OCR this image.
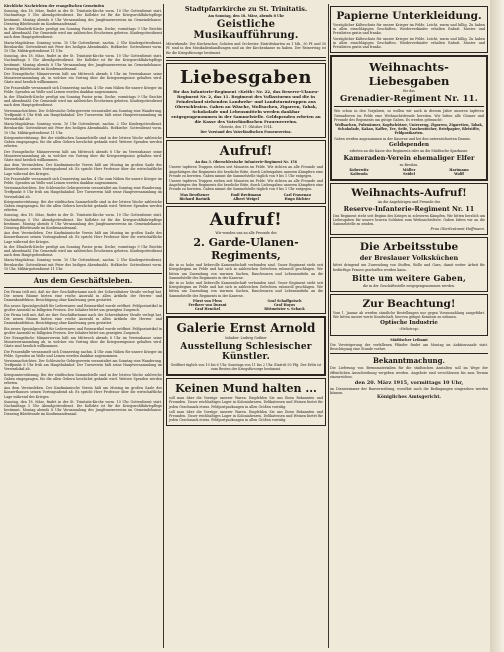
Kirchliche Nachrichten der evangelischen Gemeinden

Sonntag, den 18. März, findet in der St. Trinitatis-Kirche vorm. 10 Uhr Gottesdienst statt. Nachmittags 5 Uhr Abendgottesdienst. Die Kollekte ist für die Kriegswohlfahrtspflege bestimmt. Montag abends 8 Uhr Versammlung des Jungfrauenvereins im Gemeindehause. Dienstag Bibelstunde im Konfirmandensaal.

In der Elisabeth-Kirche predigt am Sonntag Pastor prim. Decke; vormittags 9 Uhr Beichte und Abendmahl. Die Gemeinde wird um zahlreiches Erscheinen gebeten. Kindergottesdienst nach dem Hauptgottesdienst.

Maria-Magdalena: Sonntag vorm. 10 Uhr Gottesdienst, nachm. 2 Uhr Kindergottesdienst. Bernhardin: Gottesdienst mit Feier des heiligen Abendmahls. Hofkirche: Gottesdienst vorm. 10 Uhr, Militärgottesdienst 11 Uhr.

Sonntag, den 18. März, findet in der St. Trinitatis-Kirche vorm. 10 Uhr Gottesdienst statt. Nachmittags 5 Uhr Abendgottesdienst. Die Kollekte ist für die Kriegswohlfahrtspflege bestimmt. Montag abends 8 Uhr Versammlung des Jungfrauenvereins im Gemeindehause. Dienstag Bibelstunde im Konfirmandensaal.

Der Evangelische Männerverein hält am Mittwoch abends 8 Uhr im Vereinshause seine Monatsversammlung ab, in welcher ein Vortrag über die Kriegsereignisse gehalten wird. Gäste sind herzlich willkommen.

Die Frauenhilfe versammelt sich Donnerstag nachm. 4 Uhr zum Nähen für unsere Krieger im Felde. Spenden an Wolle und Leinen werden dankbar angenommen.

In der Elisabeth-Kirche predigt am Sonntag Pastor prim. Decke; vormittags 9 Uhr Beichte und Abendmahl. Die Gemeinde wird um zahlreiches Erscheinen gebeten. Kindergottesdienst nach dem Hauptgottesdienst.

Vereinsnachrichten. Der Schlesische Gebirgsverein veranstaltet am Sonntag eine Wanderung. Treffpunkt 8 Uhr früh am Hauptbahnhof. Der Turnverein hält seine Hauptversammlung im Vereinslokal ab.

Maria-Magdalena: Sonntag vorm. 10 Uhr Gottesdienst, nachm. 2 Uhr Kindergottesdienst. Bernhardin: Gottesdienst mit Feier des heiligen Abendmahls. Hofkirche: Gottesdienst vorm. 10 Uhr, Militärgottesdienst 11 Uhr.

Kriegsunterstützung. Bei der städtischen Sammelstelle sind in der letzten Woche zahlreiche Gaben eingegangen, für die allen Gebern herzlichst gedankt wird. Weitere Spenden werden erbeten.

Der Evangelische Männerverein hält am Mittwoch abends 8 Uhr im Vereinshause seine Monatsversammlung ab, in welcher ein Vortrag über die Kriegsereignisse gehalten wird. Gäste sind herzlich willkommen.

Aus dem Vereinsleben. Der Kaufmännische Verein hält am Montag im großen Saale des Konzerthauses seinen Vortragsabend ab. Es spricht Herr Professor über die wirtschaftliche Lage während des Krieges.

Die Frauenhilfe versammelt sich Donnerstag nachm. 4 Uhr zum Nähen für unsere Krieger im Felde. Spenden an Wolle und Leinen werden dankbar angenommen.

Vereinsnachrichten. Der Schlesische Gebirgsverein veranstaltet am Sonntag eine Wanderung. Treffpunkt 8 Uhr früh am Hauptbahnhof. Der Turnverein hält seine Hauptversammlung im Vereinslokal ab.

Kriegsunterstützung. Bei der städtischen Sammelstelle sind in der letzten Woche zahlreiche Gaben eingegangen, für die allen Gebern herzlichst gedankt wird. Weitere Spenden werden erbeten.

Sonntag, den 18. März, findet in der St. Trinitatis-Kirche vorm. 10 Uhr Gottesdienst statt. Nachmittags 5 Uhr Abendgottesdienst. Die Kollekte ist für die Kriegswohlfahrtspflege bestimmt. Montag abends 8 Uhr Versammlung des Jungfrauenvereins im Gemeindehause. Dienstag Bibelstunde im Konfirmandensaal.

Aus dem Vereinsleben. Der Kaufmännische Verein hält am Montag im großen Saale des Konzerthauses seinen Vortragsabend ab. Es spricht Herr Professor über die wirtschaftliche Lage während des Krieges.

In der Elisabeth-Kirche predigt am Sonntag Pastor prim. Decke; vormittags 9 Uhr Beichte und Abendmahl. Die Gemeinde wird um zahlreiches Erscheinen gebeten. Kindergottesdienst nach dem Hauptgottesdienst.

Maria-Magdalena: Sonntag vorm. 10 Uhr Gottesdienst, nachm. 2 Uhr Kindergottesdienst. Bernhardin: Gottesdienst mit Feier des heiligen Abendmahls. Hofkirche: Gottesdienst vorm. 10 Uhr, Militärgottesdienst 11 Uhr.

Aus dem Geschäftsleben.

Die Firma teilt mit, daß sie ihre Geschäftsräume nach der Schweidnitzer Straße verlegt hat. Die neuen Räume bieten eine reiche Auswahl in allen Artikeln der Herren- und Damenkonfektion. Besichtigung ohne Kaufzwang gern gestattet.

Ein neues Spezialgeschäft für Lederwaren und Reiseartikel wurde eröffnet. Feldpostartikel in großer Auswahl zu billigsten Preisen. Der Inhaber bittet um geneigten Zuspruch.

Die Firma teilt mit, daß sie ihre Geschäftsräume nach der Schweidnitzer Straße verlegt hat. Die neuen Räume bieten eine reiche Auswahl in allen Artikeln der Herren- und Damenkonfektion. Besichtigung ohne Kaufzwang gern gestattet.

Ein neues Spezialgeschäft für Lederwaren und Reiseartikel wurde eröffnet. Feldpostartikel in großer Auswahl zu billigsten Preisen. Der Inhaber bittet um geneigten Zuspruch.

Der Evangelische Männerverein hält am Mittwoch abends 8 Uhr im Vereinshause seine Monatsversammlung ab, in welcher ein Vortrag über die Kriegsereignisse gehalten wird. Gäste sind herzlich willkommen.

Die Frauenhilfe versammelt sich Donnerstag nachm. 4 Uhr zum Nähen für unsere Krieger im Felde. Spenden an Wolle und Leinen werden dankbar angenommen.

Vereinsnachrichten. Der Schlesische Gebirgsverein veranstaltet am Sonntag eine Wanderung. Treffpunkt 8 Uhr früh am Hauptbahnhof. Der Turnverein hält seine Hauptversammlung im Vereinslokal ab.

Kriegsunterstützung. Bei der städtischen Sammelstelle sind in der letzten Woche zahlreiche Gaben eingegangen, für die allen Gebern herzlichst gedankt wird. Weitere Spenden werden erbeten.

Aus dem Vereinsleben. Der Kaufmännische Verein hält am Montag im großen Saale des Konzerthauses seinen Vortragsabend ab. Es spricht Herr Professor über die wirtschaftliche Lage während des Krieges.

Sonntag, den 18. März, findet in der St. Trinitatis-Kirche vorm. 10 Uhr Gottesdienst statt. Nachmittags 5 Uhr Abendgottesdienst. Die Kollekte ist für die Kriegswohlfahrtspflege bestimmt. Montag abends 8 Uhr Versammlung des Jungfrauenvereins im Gemeindehause. Dienstag Bibelstunde im Konfirmandensaal.

Stadtpfarrkirche zu St. Trinitatis.

Am Sonntag, den 18. März, abends 8 Uhr

Geistliche Musikaufführung.

Mitwirkende: Der Kirchenchor, Solisten und Orchester. Eintrittskarten zu 1 Mk., 50 Pf. und 30 Pf. sind in den Musikalienhandlungen und an der Kirchenkasse zu haben. Der Reinertrag ist für die Kriegsfürsorge bestimmt.

Liebesgaben

für das Infanterie-Regiment »Keith« Nr. 22, das Reserve-Ulanen-Regiment Nr. 2, das 11. Regiment des Volkssturms und die in Feindesland stehenden Landwehr- und Landsturmtruppen aus Oberschlesien. Gaben an Wäsche, Wollsachen, Zigarren, Tabak, Schokolade und Lebensmitteln werden dankbar entgegengenommen in der Sammelstelle. Geldspenden erbeten an die Kasse des Vaterländischen Frauenvereins.

Gleiwitz, den 17. Oktober 1914.

Der Vorstand des Vaterländischen Frauenvereins.

Aufruf!

An das 3. Oberschlesische Infanterie-Regiment Nr. 156

Unsere tapferen Truppen stehen seit Monaten im Felde. Wir richten an alle Freunde und Angehörigen des Regiments die herzliche Bitte, durch Liebesgaben unseren Kämpfern eine Freude zu bereiten. Gaben nimmt die Sammelstelle täglich von 9 bis 1 Uhr entgegen.

Unsere tapferen Truppen stehen seit Monaten im Felde. Wir richten an alle Freunde und Angehörigen des Regiments die herzliche Bitte, durch Liebesgaben unseren Kämpfern eine Freude zu bereiten. Gaben nimmt die Sammelstelle täglich von 9 bis 1 Uhr entgegen.

Max Beuthener	Emil Breitmann	Carl Frauenau
Richard Bartnik	Albert Weigel	Hugo Richter
Aufruf!

Wir wenden uns an alle Freunde des

2. Garde-Ulanen-Regiments,

die in so hohe und liebevolle Kameradschaft verbunden sind. Unser Regiment steht seit Kriegsbeginn im Felde und hat sich in zahlreichen Gefechten ruhmvoll geschlagen. Wir bitten um Zusendung von warmen Sachen, Rauchwaren und Lebensmitteln an die Sammelstelle des Regiments in der Kaserne.

die in so hohe und liebevolle Kameradschaft verbunden sind. Unser Regiment steht seit Kriegsbeginn im Felde und hat sich in zahlreichen Gefechten ruhmvoll geschlagen. Wir bitten um Zusendung von warmen Sachen, Rauchwaren und Lebensmitteln an die Sammelstelle des Regiments in der Kaserne.

Fürst von Pless	Graf Schaffgotsch
Freiherr von Durant	Graf Hoyos
Graf Henckel	Rittmeister v. Schack
Galerie Ernst Arnold

Inhaber: Ludwig Gutbier

Ausstellung Schlesischer Künstler.

Geöffnet täglich von 10 bis 6 Uhr, Sonntags von 11 bis 2 Uhr. Eintritt 50 Pfg. Der Erlös ist zum Besten der Kriegsfürsorge bestimmt.

Keinen Mund halten ...

soll man über die Vorzüge unserer Waren. Empfehlen Sie uns Ihren Bekannten und Freunden. Unser reichhaltiges Lager in Kolonialwaren, Delikatessen und Weinen bietet für jeden Geschmack etwas. Feldpostpackungen in allen Größen vorrätig.

soll man über die Vorzüge unserer Waren. Empfehlen Sie uns Ihren Bekannten und Freunden. Unser reichhaltiges Lager in Kolonialwaren, Delikatessen und Weinen bietet für jeden Geschmack etwas. Feldpostpackungen in allen Größen vorrätig.

Papierne Unterkleidung.

Vorzüglicher Kälteschutz für unsere Krieger im Felde. Leicht, warm und billig. Zu haben in allen einschlägigen Geschäften. Wiederverkäufer erhalten Rabatt. Muster und Preislisten gratis und franko.

Vorzüglicher Kälteschutz für unsere Krieger im Felde. Leicht, warm und billig. Zu haben in allen einschlägigen Geschäften. Wiederverkäufer erhalten Rabatt. Muster und Preislisten gratis und franko.

Weihnachts-Liebesgaben

für das

Grenadier-Regiment Nr. 11.

Wie schon in den Vorjahren, so wollen wir auch in diesem Jahre unseren tapferen Grenadieren im Felde eine Weihnachtsfreude bereiten. Wir bitten alle Gönner und Freunde des Regiments um gütige Gaben. Es werden gebraucht:

Wollsachen, Pulswärmer, Kopfschützer, Unterzeug, Zigarren, Zigaretten, Tabak, Schokolade, Kakao, Kaffee, Tee, Seife, Taschentücher, Briefpapier, Bleistifte, Feldpostkarten.

Gaben werden angenommen in der Kaserne und bei den unterzeichneten Damen.

Geldspenden

erbeten an die Kasse des Regiments oder an die Städtische Sparkasse.

Kameraden-Verein ehemaliger Elfer

zu Breslau.

Koberwitz	Müller	Hartmann
Kaliwoda	Seidel	Wolff
Weihnachts-Aufruf!

An die Angehörigen und Freunde des

Reserve-Infanterie-Regiment Nr. 11

Das Regiment steht seit Beginn des Krieges in schweren Kämpfen. Wir bitten herzlich um Liebesgaben für unsere braven Soldaten zum Weihnachtsfeste. Gaben bitten wir an die Sammelstelle zu senden.

Frau Oberleutnant Hoffmann.

Die Arbeitsstube
der Breslauer Volksküchen

bittet dringend um Zuwendung von Stoffen, Wolle und Garn, damit weiter Arbeit für bedürftige Frauen geschaffen werden kann.

Bitte um weitere Gaben,

die in der Geschäftsstelle entgegengenommen werden.

Zur Beachtung!

Vom 1. Januar ab werden sämtliche Bestellungen nur gegen Vorauszahlung ausgeführt. Wir bitten unsere werte Kundschaft, hiervon gütigst Kenntnis zu nehmen.

Optische Industrie

»Heliotrop«

Städtischer Leihamt

Die Versteigerung der verfallenen Pfänder findet am Montag im Auktionssaale statt. Besichtigung eine Stunde vorher.

Bekanntmachung.

Die Lieferung von Brennmaterialien für die städtischen Anstalten soll im Wege der öffentlichen Ausschreibung vergeben werden. Angebote sind verschlossen bis zum Termin einzureichen.

den 20. März 1915, vormittags 10 Uhr,

im Dienstzimmer der Bauverwaltung, woselbst auch die Bedingungen eingesehen werden können.

Königliches Amtsgericht.
